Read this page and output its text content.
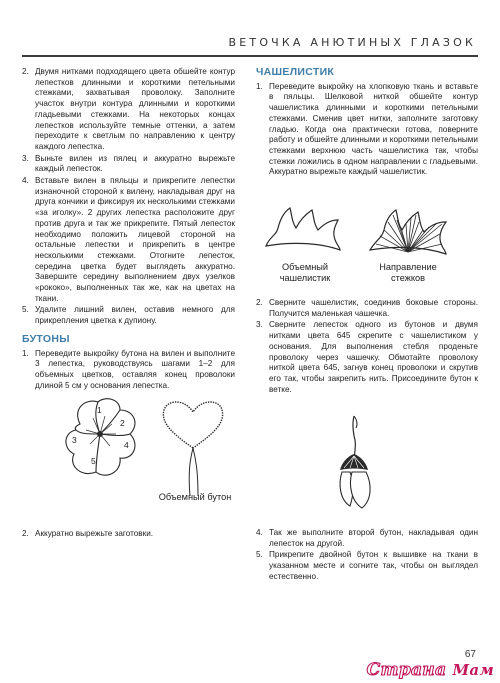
ВЕТОЧКА АНЮТИНЫХ ГЛАЗОК
2. Двумя нитками подходящего цвета обшейте контур лепестков длинными и короткими петельными стежками, захватывая проволоку. Заполните участок внутри контура длинными и короткими гладьевыми стежками. На некоторых концах лепестков используйте темные оттенки, а затем переходите к светлым по направлению к центру каждого лепестка.
3. Выньте вилен из пялец и аккуратно вырежьте каждый лепесток.
4. Вставьте вилен в пяльцы и прикрепите лепестки изнаночной стороной к вилену, накладывая друг на друга кончики и фиксируя их несколькими стежками «за иголку». 2 других лепестка расположите друг против друга и так же прикрепите. Пятый лепесток необходимо положить лицевой стороной на остальные лепестки и прикрепить в центре несколькими стежками. Отогните лепесток, середина цветка будет выглядеть аккуратно. Завершите середину выполнением двух узелков «рококо», выполненных так же, как на цветах на ткани.
5. Удалите лишний вилен, оставив немного для прикрепления цветка к дупиону.
БУТОНЫ
1. Переведите выкройку бутона на вилен и выполните 3 лепестка, руководствуясь шагами 1–2 для объемных цветков, оставляя конец проволоки длиной 5 см у основания лепестка.
1
2
3	4
5
Объемный бутон
2. Аккуратно вырежьте заготовки.
ЧАШЕЛИСТИК
1. Переведите выкройку на хлопковую ткань и вставьте в пяльцы. Шелковой ниткой обшейте контур чашелистика длинными и короткими петельными стежками. Сменив цвет нитки, заполните заготовку гладью. Когда она практически готова, поверните работу и обшейте длинными и короткими петельными стежками верхнюю часть чашелистика так, чтобы стежки ложились в одном направлении с гладьевыми. Аккуратно вырежьте каждый чашелистик.
Объемный чашелистик
Направление стежков
2. Сверните чашелистик, соединив боковые стороны. Получится маленькая чашечка.
3. Сверните лепесток одного из бутонов и двумя нитками цвета 645 скрепите с чашелистиком у основания. Для выполнения стебля проденьте проволоку через чашечку. Обмотайте проволоку ниткой цвета 645, загнув конец проволоки и скрутив его так, чтобы закрепить нить. Присоедините бутон к ветке.
4. Так же выполните второй бутон, накладывая один лепесток на другой.
5. Прикрепите двойной бутон к вышивке на ткани в указанном месте и согните так, чтобы он выглядел естественно.
67
Страна Мам
